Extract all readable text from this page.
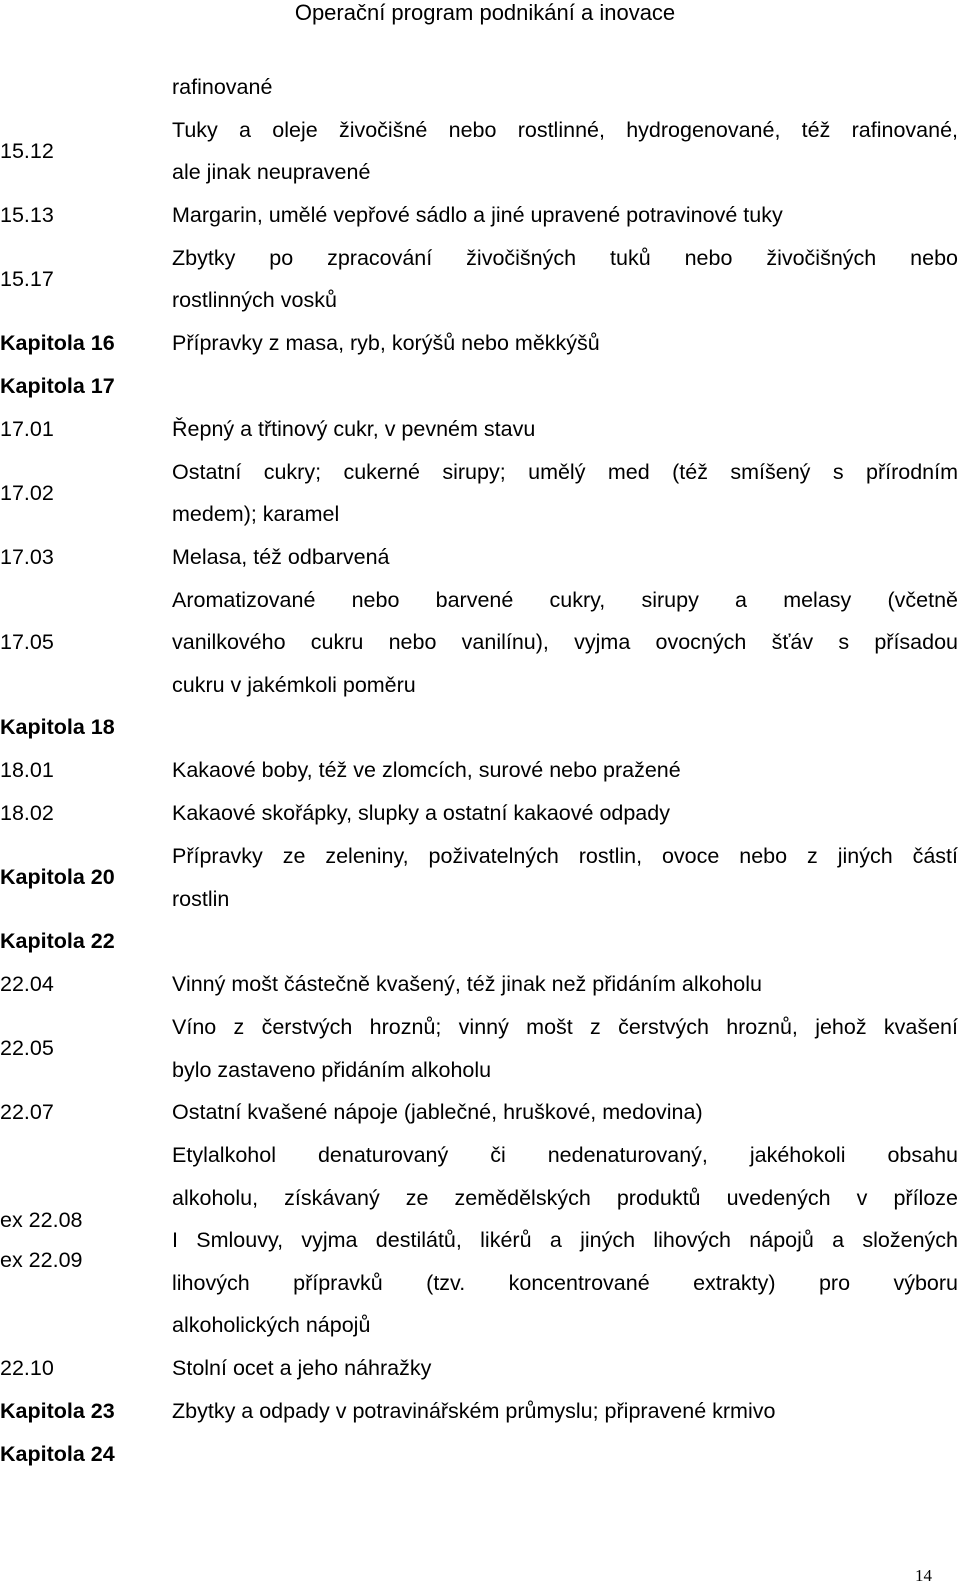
Operační program podnikání a inovace

	rafinované

15.12	Tuky a oleje živočišné nebo rostlinné, hydrogenované, též rafinované,
ale jinak neupravené

15.13	Margarin, umělé vepřové sádlo a jiné upravené potravinové tuky

15.17	Zbytky po zpracování živočišných tuků nebo živočišných nebo
rostlinných vosků

Kapitola 16	Přípravky z masa, ryb, korýšů nebo měkkýšů

Kapitola 17	

17.01	Řepný a třtinový cukr, v pevném stavu

17.02	Ostatní cukry; cukerné sirupy; umělý med (též smíšený s přírodním
medem); karamel

17.03	Melasa, též odbarvená

17.05	Aromatizované nebo barvené cukry, sirupy a melasy (včetně
vanilkového cukru nebo vanilínu), vyjma ovocných šťáv s přísadou
cukru v jakémkoli poměru

Kapitola 18	

18.01	Kakaové boby, též ve zlomcích, surové nebo pražené

18.02	Kakaové skořápky, slupky a ostatní kakaové odpady

Kapitola 20	Přípravky ze zeleniny, poživatelných rostlin, ovoce nebo z jiných částí
rostlin

Kapitola 22	

22.04	Vinný mošt částečně kvašený, též jinak než přidáním alkoholu

22.05	Víno z čerstvých hroznů; vinný mošt z čerstvých hroznů, jehož kvašení
bylo zastaveno přidáním alkoholu

22.07	Ostatní kvašené nápoje (jablečné, hruškové, medovina)

ex 22.08
ex 22.09	Etylalkohol denaturovaný či nedenaturovaný, jakéhokoli obsahu
alkoholu, získávaný ze zemědělských produktů uvedených v příloze
I Smlouvy, vyjma destilátů, likérů a jiných lihových nápojů a složených
lihových přípravků (tzv. koncentrované extrakty) pro výboru
alkoholických nápojů

22.10	Stolní ocet a jeho náhražky

Kapitola 23	Zbytky a odpady v potravinářském průmyslu; připravené krmivo

Kapitola 24	

14
